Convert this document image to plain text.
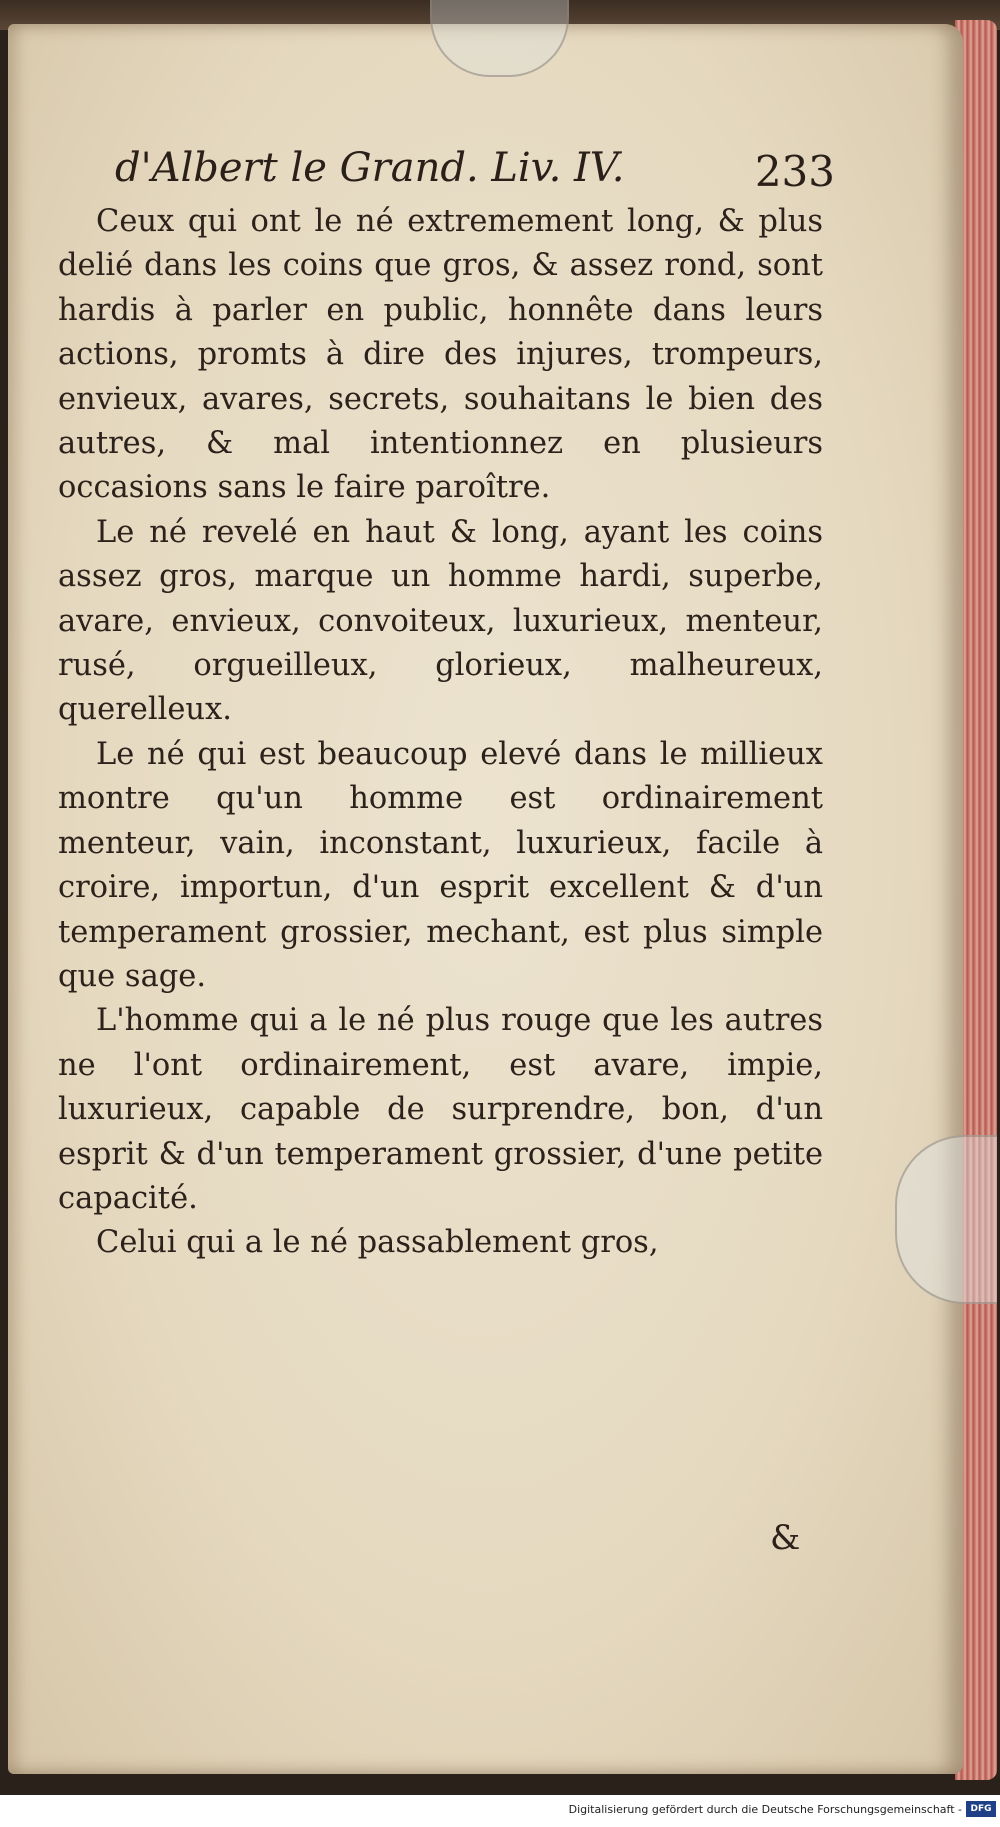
d'Albert le Grand. Liv. IV.	233

Ceux qui ont le né extremement long, & plus delié dans les coins que gros, & assez rond, sont hardis à parler en public, honnête dans leurs actions, promts à dire des injures, trompeurs, envieux, avares, secrets, souhaitans le bien des autres, & mal intentionnez en plusieurs occasions sans le faire paroître.

Le né revelé en haut & long, ayant les coins assez gros, marque un homme hardi, superbe, avare, envieux, convoiteux, luxurieux, menteur, rusé, orgueilleux, glorieux, malheureux, querelleux.

Le né qui est beaucoup elevé dans le millieux montre qu'un homme est ordinairement menteur, vain, inconstant, luxurieux, facile à croire, importun, d'un esprit excellent & d'un temperament grossier, mechant, est plus simple que sage.

L'homme qui a le né plus rouge que les autres ne l'ont ordinairement, est avare, impie, luxurieux, capable de surprendre, bon, d'un esprit & d'un temperament grossier, d'une petite capacité.

Celui qui a le né passablement gros,

&
Digitalisierung gefördert durch die Deutsche Forschungsgemeinschaft - DFG
